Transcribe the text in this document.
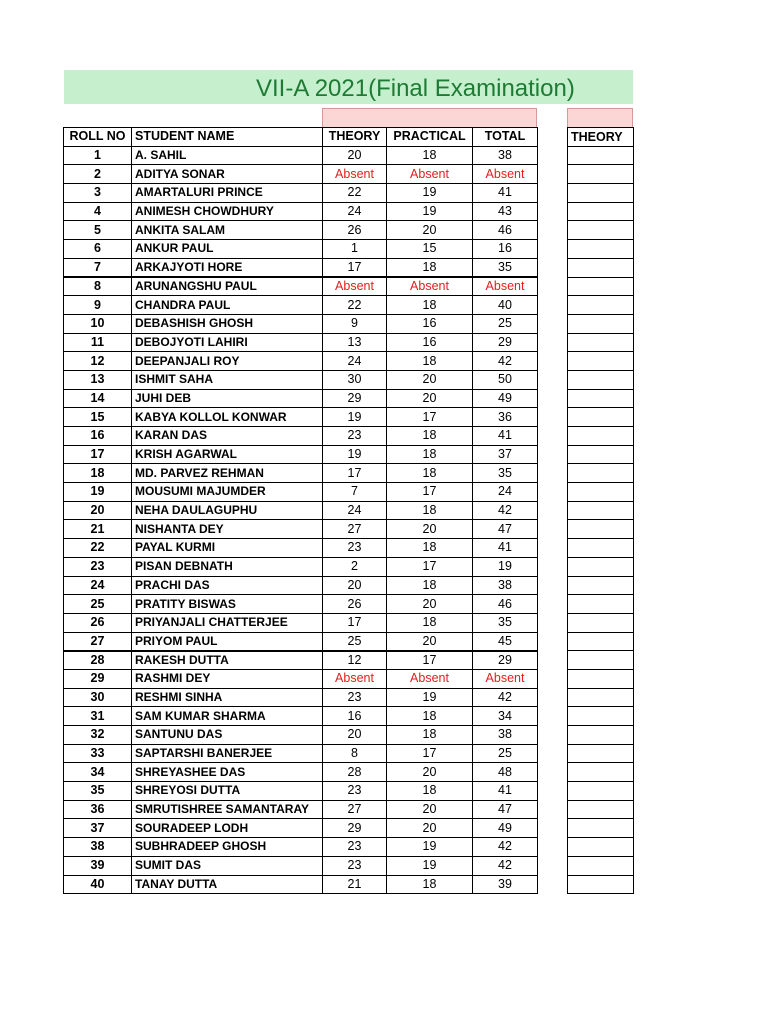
VII-A 2021(Final Examination)
ROLL NO	STUDENT NAME	THEORY	PRACTICAL	TOTAL
1	A. SAHIL	20	18	38
2	ADITYA SONAR	Absent	Absent	Absent
3	AMARTALURI PRINCE	22	19	41
4	ANIMESH CHOWDHURY	24	19	43
5	ANKITA SALAM	26	20	46
6	ANKUR PAUL	1	15	16
7	ARKAJYOTI HORE	17	18	35
8	ARUNANGSHU PAUL	Absent	Absent	Absent
9	CHANDRA PAUL	22	18	40
10	DEBASHISH GHOSH	9	16	25
11	DEBOJYOTI LAHIRI	13	16	29
12	DEEPANJALI ROY	24	18	42
13	ISHMIT SAHA	30	20	50
14	JUHI DEB	29	20	49
15	KABYA KOLLOL KONWAR	19	17	36
16	KARAN DAS	23	18	41
17	KRISH AGARWAL	19	18	37
18	MD. PARVEZ REHMAN	17	18	35
19	MOUSUMI MAJUMDER	7	17	24
20	NEHA DAULAGUPHU	24	18	42
21	NISHANTA DEY	27	20	47
22	PAYAL KURMI	23	18	41
23	PISAN DEBNATH	2	17	19
24	PRACHI DAS	20	18	38
25	PRATITY BISWAS	26	20	46
26	PRIYANJALI CHATTERJEE	17	18	35
27	PRIYOM PAUL	25	20	45
28	RAKESH DUTTA	12	17	29
29	RASHMI DEY	Absent	Absent	Absent
30	RESHMI SINHA	23	19	42
31	SAM KUMAR SHARMA	16	18	34
32	SANTUNU DAS	20	18	38
33	SAPTARSHI BANERJEE	8	17	25
34	SHREYASHEE DAS	28	20	48
35	SHREYOSI DUTTA	23	18	41
36	SMRUTISHREE SAMANTARAY	27	20	47
37	SOURADEEP LODH	29	20	49
38	SUBHRADEEP GHOSH	23	19	42
39	SUMIT DAS	23	19	42
40	TANAY DUTTA	21	18	39
THEORY
